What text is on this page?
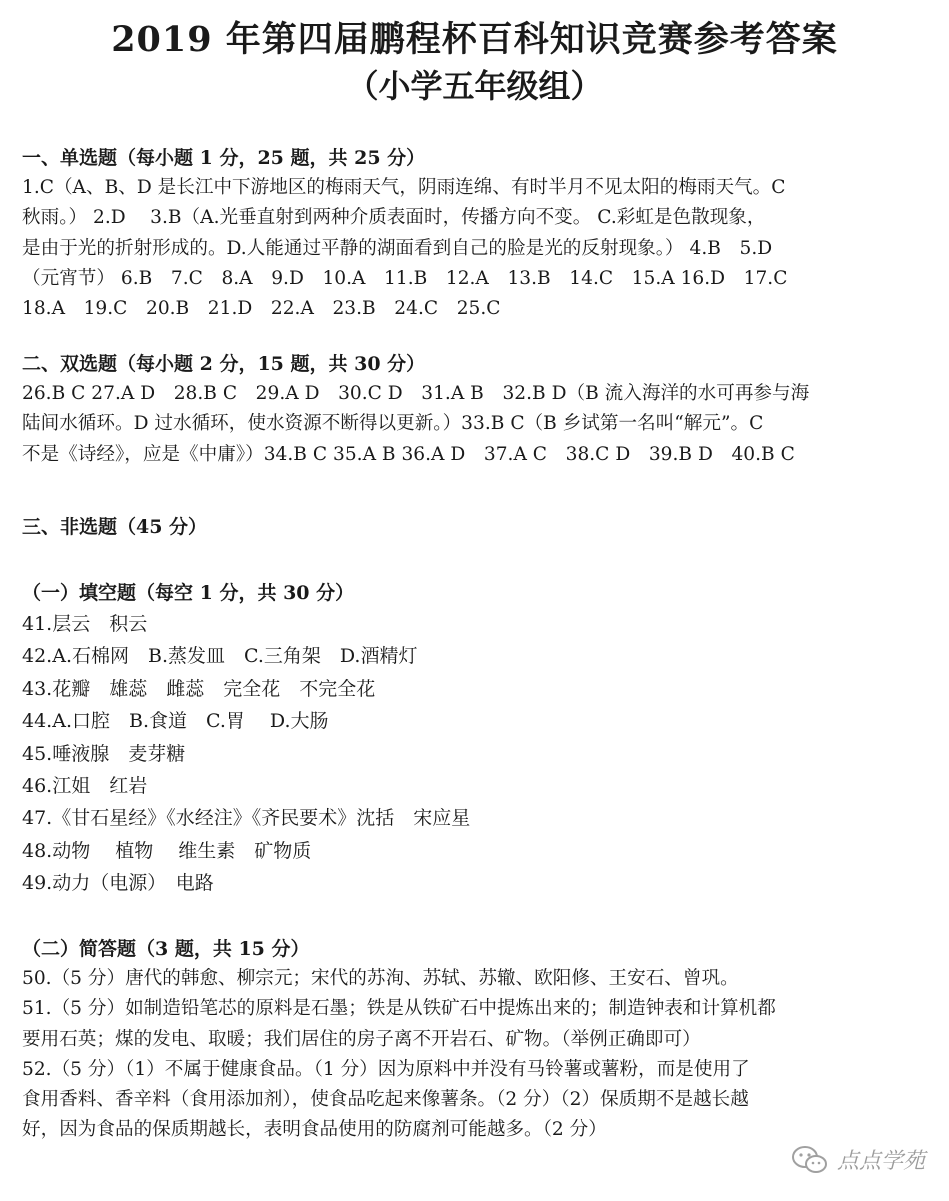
2019 年第四届鹏程杯百科知识竞赛参考答案
（小学五年级组）
一、单选题（每小题 1 分，25 题，共 25 分）
1.C（A、B、D 是长江中下游地区的梅雨天气，阴雨连绵、有时半月不见太阳的梅雨天气。C
秋雨。） 2.D　 3.B（A.光垂直射到两种介质表面时，传播方向不变。 C.彩虹是色散现象，
是由于光的折射形成的。D.人能通过平静的湖面看到自己的脸是光的反射现象。） 4.B　5.D
（元宵节） 6.B　7.C　8.A　9.D　10.A　11.B　12.A　13.B　14.C　15.A 16.D　17.C
18.A　19.C　20.B　21.D　22.A　23.B　24.C　25.C
二、双选题（每小题 2 分，15 题，共 30 分）
26.B C 27.A D　28.B C　29.A D　30.C D　31.A B　32.B D（B 流入海洋的水可再参与海
陆间水循环。D 过水循环，使水资源不断得以更新。）33.B C（B 乡试第一名叫“解元”。C
不是《诗经》，应是《中庸》）34.B C 35.A B 36.A D　37.A C　38.C D　39.B D　40.B C
三、非选题（45 分）
（一）填空题（每空 1 分，共 30 分）
41.层云　积云
42.A.石棉网　B.蒸发皿　C.三角架　D.酒精灯
43.花瓣　雄蕊　雌蕊　完全花　不完全花
44.A.口腔　B.食道　C.胃　 D.大肠
45.唾液腺　麦芽糖
46.江姐　红岩
47.《甘石星经》《水经注》《齐民要术》沈括　宋应星
48.动物　 植物　 维生素　矿物质
49.动力（电源）　电路
（二）简答题（3 题，共 15 分）
50.（5 分）唐代的韩愈、柳宗元；宋代的苏洵、苏轼、苏辙、欧阳修、王安石、曾巩。
51.（5 分）如制造铅笔芯的原料是石墨；铁是从铁矿石中提炼出来的；制造钟表和计算机都
要用石英；煤的发电、取暖；我们居住的房子离不开岩石、矿物。（举例正确即可）
52.（5 分）（1）不属于健康食品。（1 分）因为原料中并没有马铃薯或薯粉，而是使用了
食用香料、香辛料（食用添加剂），使食品吃起来像薯条。（2 分）（2）保质期不是越长越
好，因为食品的保质期越长，表明食品使用的防腐剂可能越多。（2 分）
点点学苑
